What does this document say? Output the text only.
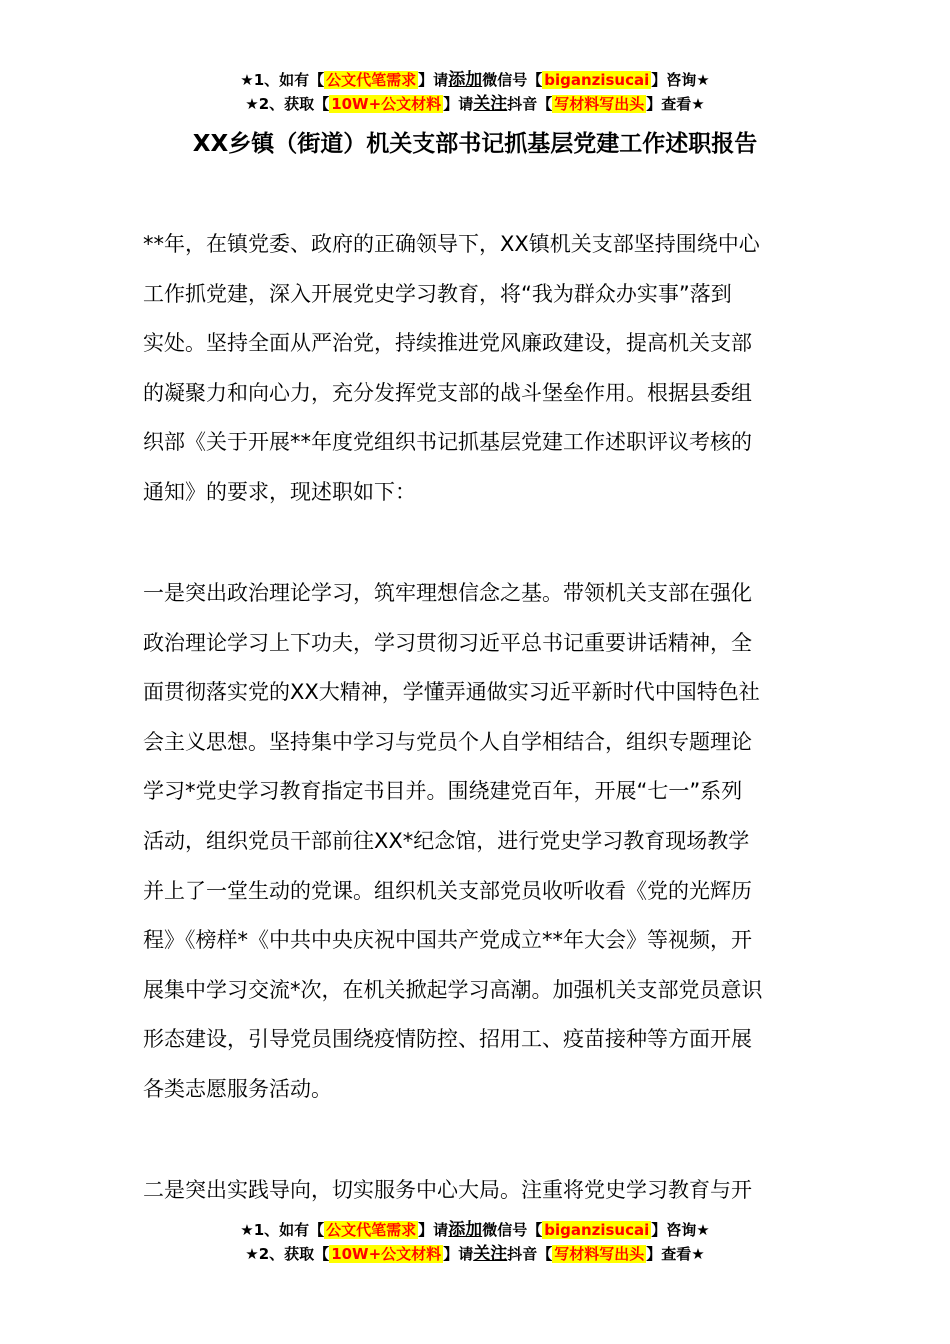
★1、如有【 公文代笔需求 】请添加微信号【 biganzisucai 】咨询★
★2、获取【 10W+公文材料 】请关注抖音【 写材料写出头 】查看★
XX乡镇（街道）机关支部书记抓基层党建工作述职报告
**年，在镇党委、政府的正确领导下，XX镇机关支部坚持围绕中心
工作抓党建，深入开展党史学习教育，将“我为群众办实事”落到
实处。坚持全面从严治党，持续推进党风廉政建设，提高机关支部
的凝聚力和向心力，充分发挥党支部的战斗堡垒作用。根据县委组
织部《关于开展**年度党组织书记抓基层党建工作述职评议考核的
通知》的要求，现述职如下：
一是突出政治理论学习，筑牢理想信念之基。带领机关支部在强化
政治理论学习上下功夫，学习贯彻习近平总书记重要讲话精神，全
面贯彻落实党的XX大精神，学懂弄通做实习近平新时代中国特色社
会主义思想。坚持集中学习与党员个人自学相结合，组织专题理论
学习*党史学习教育指定书目并。围绕建党百年，开展“七一”系列
活动，组织党员干部前往XX*纪念馆，进行党史学习教育现场教学
并上了一堂生动的党课。组织机关支部党员收听收看《党的光辉历
程》《榜样*《中共中央庆祝中国共产党成立**年大会》等视频，开
展集中学习交流*次，在机关掀起学习高潮。加强机关支部党员意识
形态建设，引导党员围绕疫情防控、招用工、疫苗接种等方面开展
各类志愿服务活动。
二是突出实践导向，切实服务中心大局。注重将党史学习教育与开
★1、如有【 公文代笔需求 】请添加微信号【 biganzisucai 】咨询★
★2、获取【 10W+公文材料 】请关注抖音【 写材料写出头 】查看★
